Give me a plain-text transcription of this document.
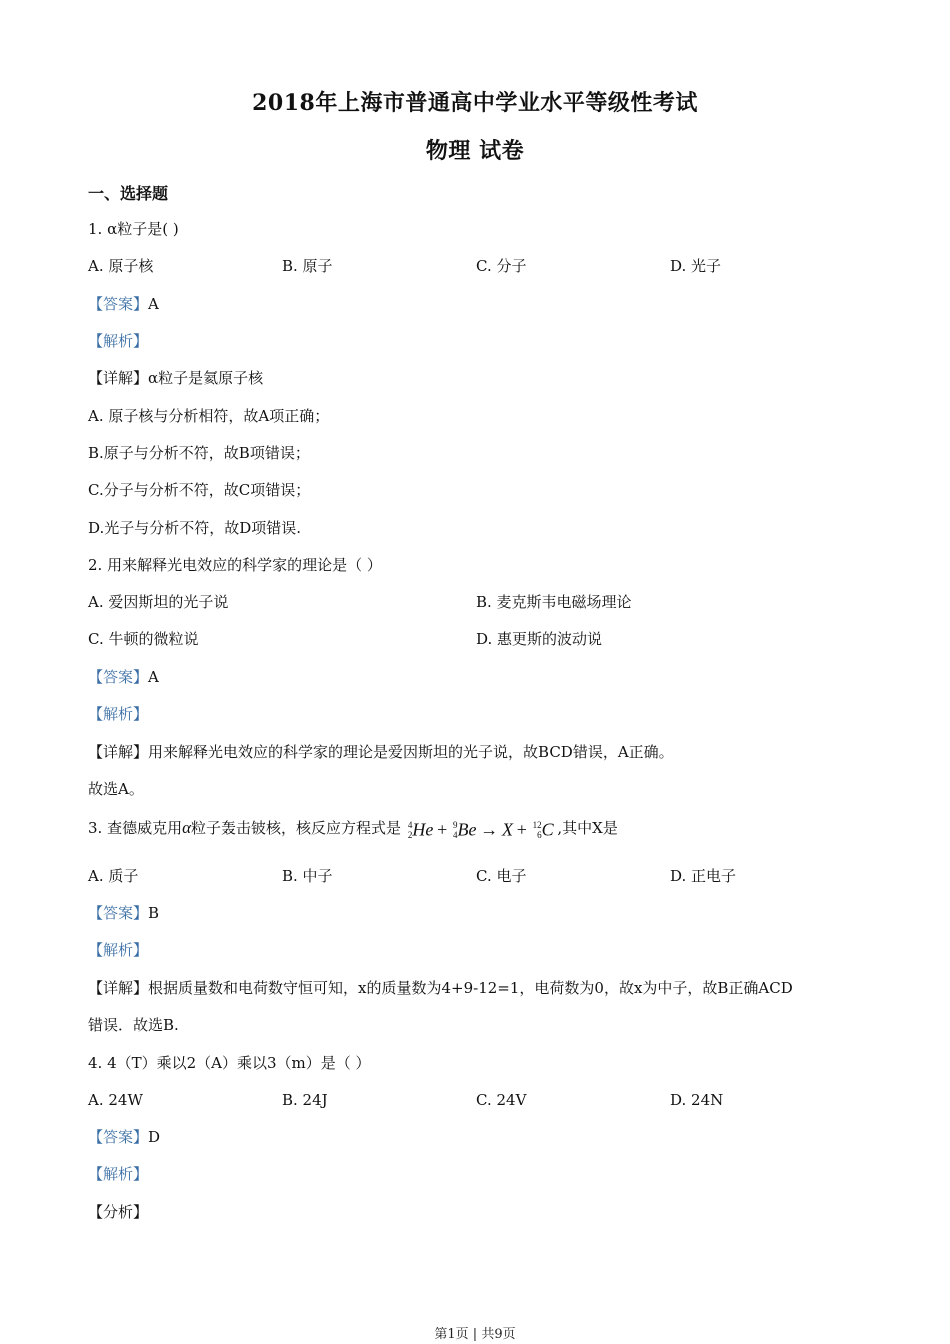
2018年上海市普通高中学业水平等级性考试
物理 试卷
一、选择题
1. α粒子是( )
A. 原子核	B. 原子	C. 分子	D. 光子
【答案】A
【解析】
【详解】α粒子是氦原子核
A. 原子核与分析相符，故A项正确；
B.原子与分析不符，故B项错误；
C.分子与分析不符，故C项错误；
D.光子与分析不符，故D项错误.
2. 用来解释光电效应的科学家的理论是（ ）
A. 爱因斯坦的光子说	B. 麦克斯韦电磁场理论
C. 牛顿的微粒说	D. 惠更斯的波动说
【答案】A
【解析】
【详解】用来解释光电效应的科学家的理论是爱因斯坦的光子说，故BCD错误，A正确。
故选A。
3. 查德威克用α粒子轰击铍核，核反应方程式是 4
2 He + 9
4 Be → X + 12
6 C ,其中X是
A. 质子	B. 中子	C. 电子	D. 正电子
【答案】B
【解析】
【详解】根据质量数和电荷数守恒可知，x的质量数为4+9-12=1，电荷数为0，故x为中子，故B正确ACD
错误．故选B.
4. 4（T）乘以2（A）乘以3（m）是（ ）
A. 24W	B. 24J	C. 24V	D. 24N
【答案】D
【解析】
【分析】
第1页 | 共9页
